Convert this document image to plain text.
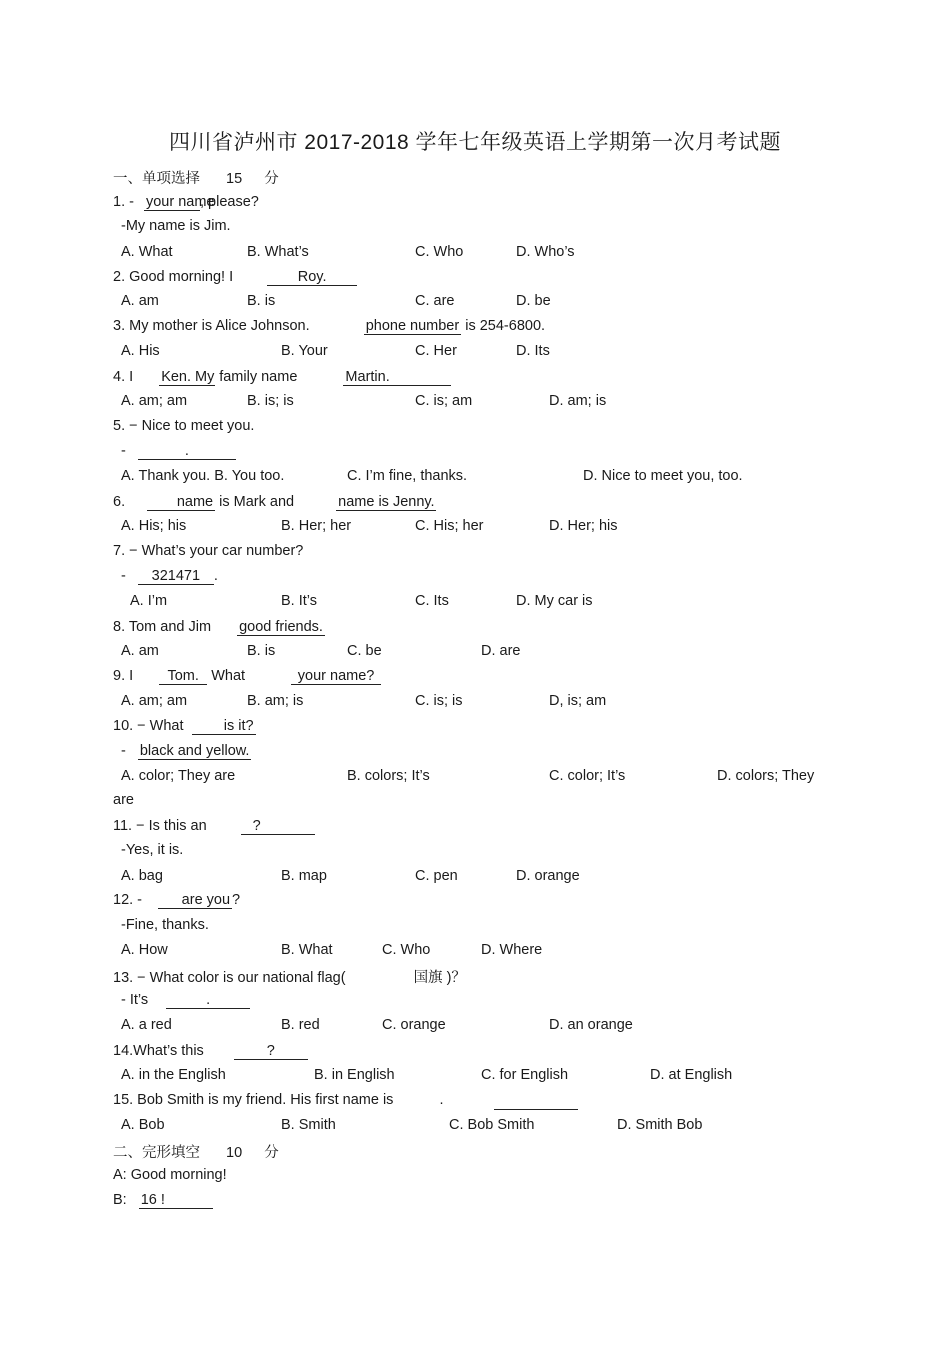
四川省泸州市 2017-2018 学年七年级英语上学期第一次月考试题
一、单项选择 15 分
1. - your name, please?
-My name is Jim.
A. What	B. What’s	C. Who	D. Who’s
2. Good morning! I	Roy.
A. am	B. is	C. are	D. be
3. My mother is Alice Johnson.	phone number is 254-6800.
A. His	B. Your	C. Her	D. Its
4. I Ken. My family name	Martin.
A. am; am	B. is; is	C. is; am	D. am; is
5. − Nice to meet you.
-	.
A. Thank you. B. You too.	C. I’m fine, thanks.	D. Nice to meet you, too.
6.	name is Mark and	name is Jenny.
A. His; his	B. Her; her	C. His; her	D. Her; his
7. − What’s your car number?
- 321471 .
A. I’m	B. It’s	C. Its	D. My car is
8. Tom and Jim good friends.
A. am	B. is	C. be	D. are
9. I Tom. What	your name?
A. am; am	B. am; is	C. is; is	D, is; am
10. − What	is it?
- black and yellow.
A. color; They are	B. colors; It’s	C. color; It’s	D. colors; They
are
11. − Is this an	?
-Yes, it is.
A. bag	B. map	C. pen	D. orange
12. -	are you ?
-Fine, thanks.
A. How	B. What	C. Who	D. Where
13. − What color is our national flag(	国旗 )？
- It’s	.
A. a red	B. red	C. orange	D. an orange
14.What’s this	?
A. in the English	B. in English	C. for English	D. at English
15. Bob Smith is my friend. His first name is	.
A. Bob	B. Smith	C. Bob Smith	D. Smith Bob
二、完形填空 10 分
A: Good morning!
B: 16 !
